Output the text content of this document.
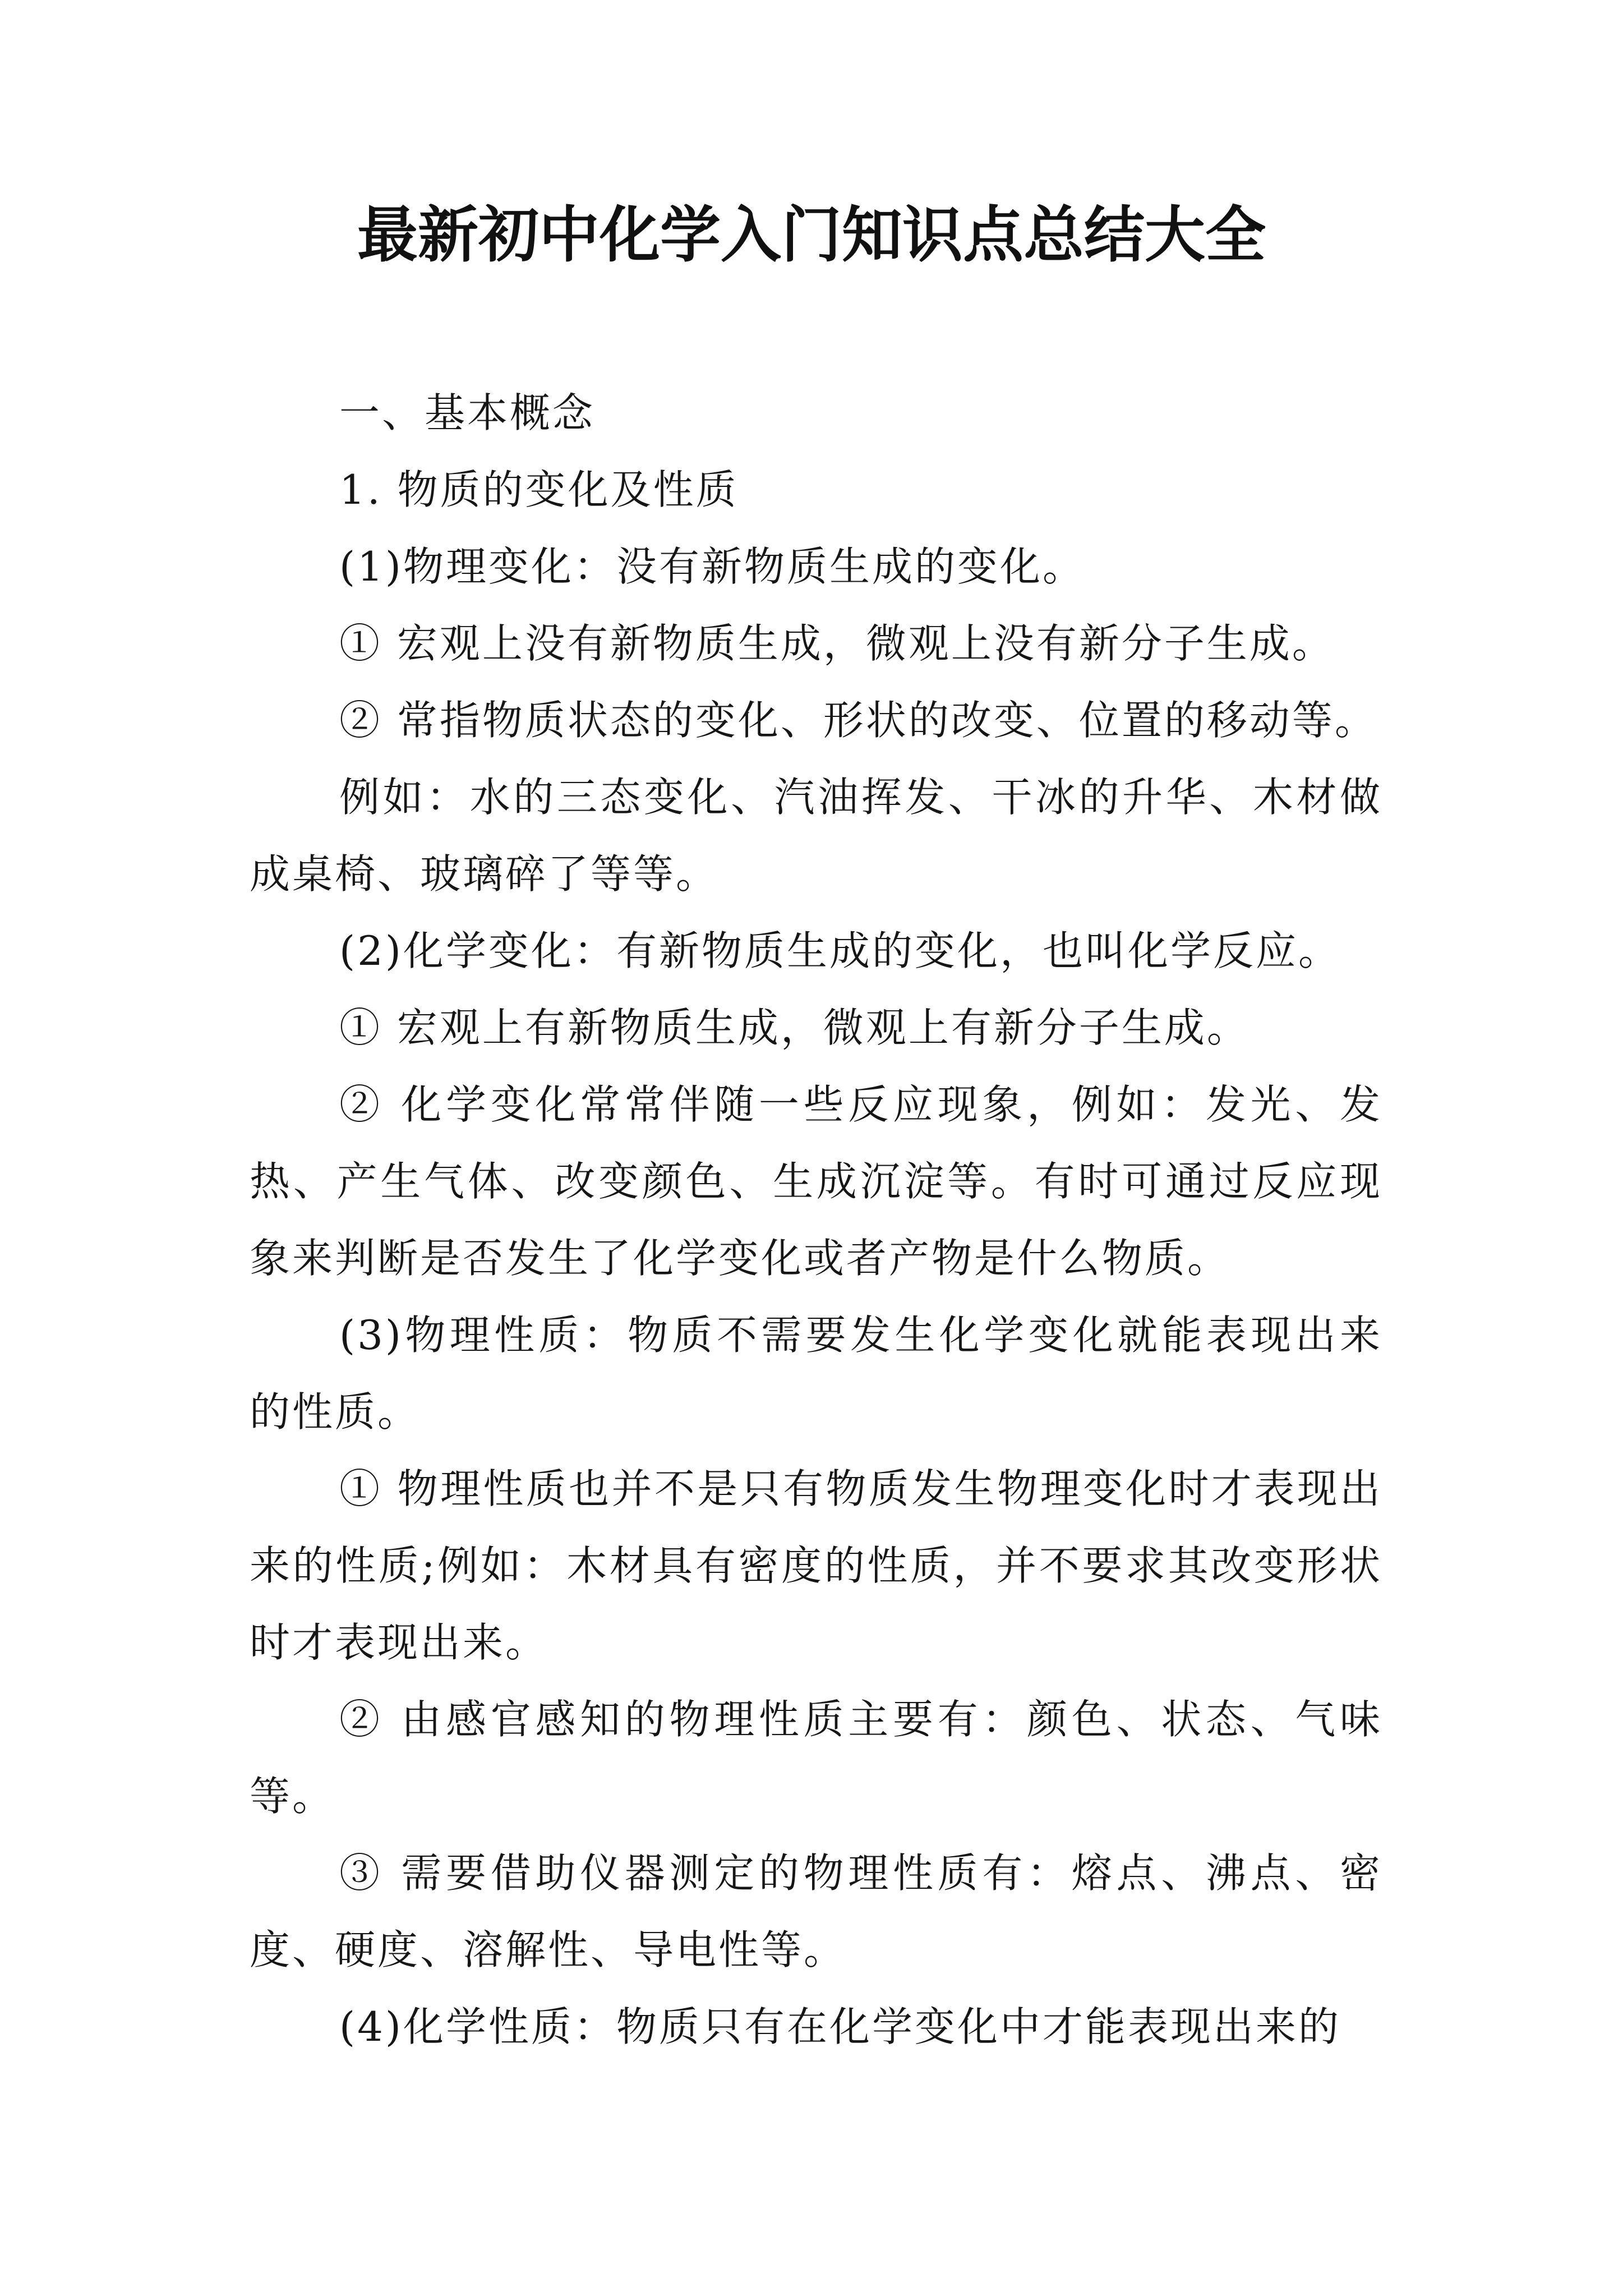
最新初中化学入门知识点总结大全

一、基本概念

1. 物质的变化及性质

(1)物理变化：没有新物质生成的变化。

① 宏观上没有新物质生成，微观上没有新分子生成。

② 常指物质状态的变化、形状的改变、位置的移动等。

例如：水的三态变化、汽油挥发、干冰的升华、木材做成桌椅、玻璃碎了等等。

(2)化学变化：有新物质生成的变化，也叫化学反应。

① 宏观上有新物质生成，微观上有新分子生成。

② 化学变化常常伴随一些反应现象，例如：发光、发热、产生气体、改变颜色、生成沉淀等。有时可通过反应现象来判断是否发生了化学变化或者产物是什么物质。

(3)物理性质：物质不需要发生化学变化就能表现出来的性质。

① 物理性质也并不是只有物质发生物理变化时才表现出来的性质;例如：木材具有密度的性质，并不要求其改变形状时才表现出来。

② 由感官感知的物理性质主要有：颜色、状态、气味等。

③ 需要借助仪器测定的物理性质有：熔点、沸点、密度、硬度、溶解性、导电性等。

(4)化学性质：物质只有在化学变化中才能表现出来的
